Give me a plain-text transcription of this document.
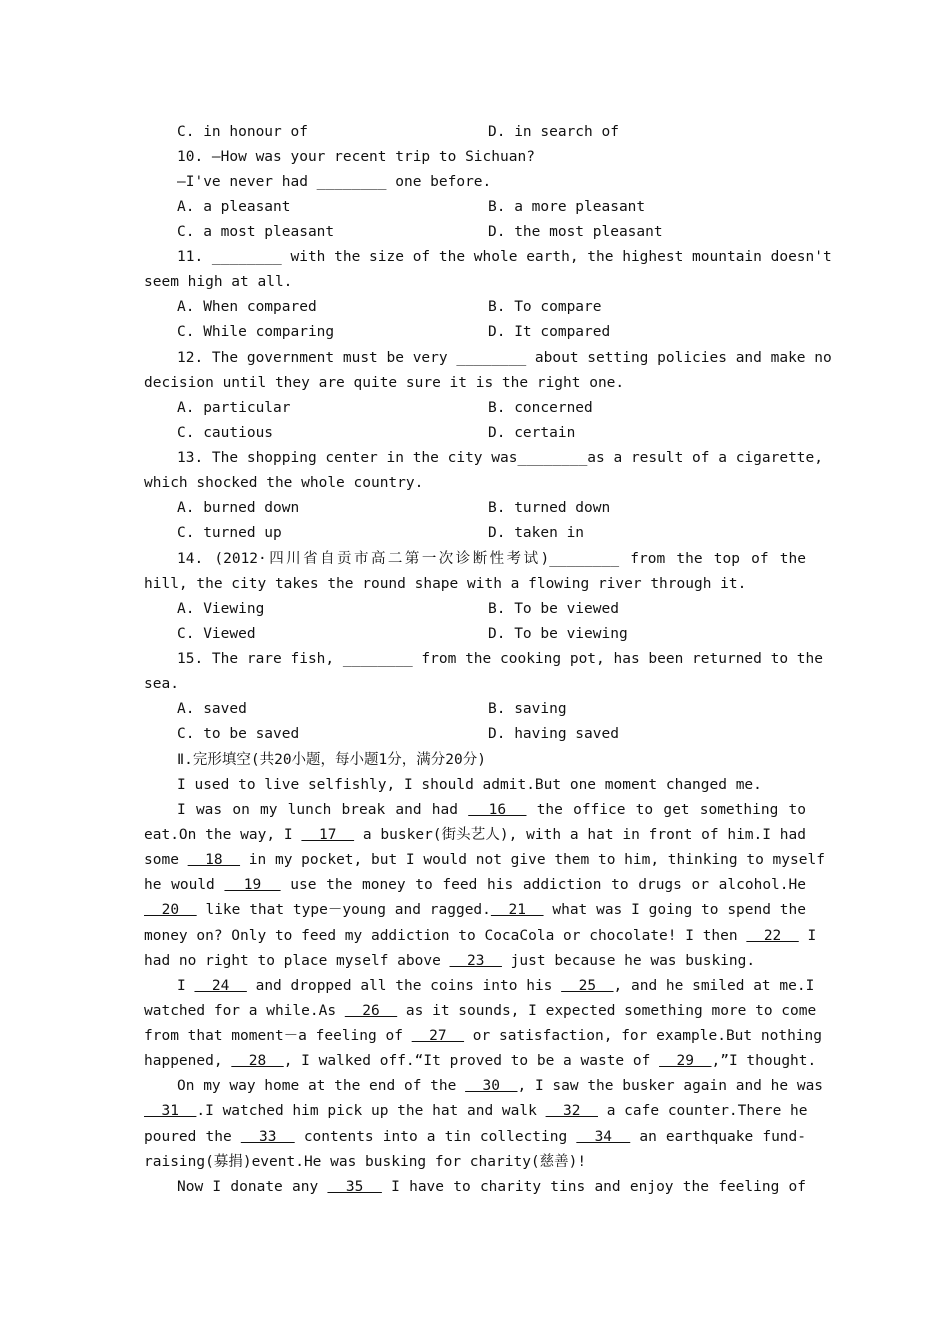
C. in honour of	D. in search of
10. —How was your recent trip to Sichuan?
—I've never had ________ one before.
A. a pleasant	B. a more pleasant
C. a most pleasant	D. the most pleasant
11. ________ with the size of the whole earth, the highest mountain doesn't
seem high at all.
A. When compared	B. To compare
C. While comparing	D. It compared
12. The government must be very ________ about setting policies and make no
decision until they are quite sure it is the right one.
A. particular	B. concerned
C. cautious	D. certain
13. The shopping center in the city was________as a result of a cigarette,
which shocked the whole country.
A. burned down	B. turned down
C. turned up	D. taken in
14. (2012·四川省自贡市高二第一次诊断性考试)________ from the top of the
hill, the city takes the round shape with a flowing river through it.
A. Viewing	B. To be viewed
C. Viewed	D. To be viewing
15. The rare fish, ________ from the cooking pot, has been returned to the
sea.
A. saved	B. saving
C. to be saved	D. having saved
Ⅱ.完形填空(共20小题，每小题1分，满分20分)
I used to live selfishly, I should admit.But one moment changed me.
I was on my lunch break and had   16   the office to get something to
eat.On the way, I   17   a busker(街头艺人), with a hat in front of him.I had
some   18   in my pocket, but I would not give them to him, thinking to myself
he would   19   use the money to feed his addiction to drugs or alcohol.He
20   like that type－young and ragged.  21   what was I going to spend the
money on? Only to feed my addiction to CocaCola or chocolate! I then   22   I
had no right to place myself above   23   just because he was busking.
I   24   and dropped all the coins into his   25  , and he smiled at me.I
watched for a while.As   26   as it sounds, I expected something more to come
from that moment－a feeling of   27   or satisfaction, for example.But nothing
happened,   28  , I walked off.“It proved to be a waste of   29  ,”I thought.
On my way home at the end of the   30  , I saw the busker again and he was
31  .I watched him pick up the hat and walk   32   a cafe counter.There he
poured the   33   contents into a tin collecting   34   an earthquake fund-
raising(募捐)event.He was busking for charity(慈善)!
Now I donate any   35   I have to charity tins and enjoy the feeling of
